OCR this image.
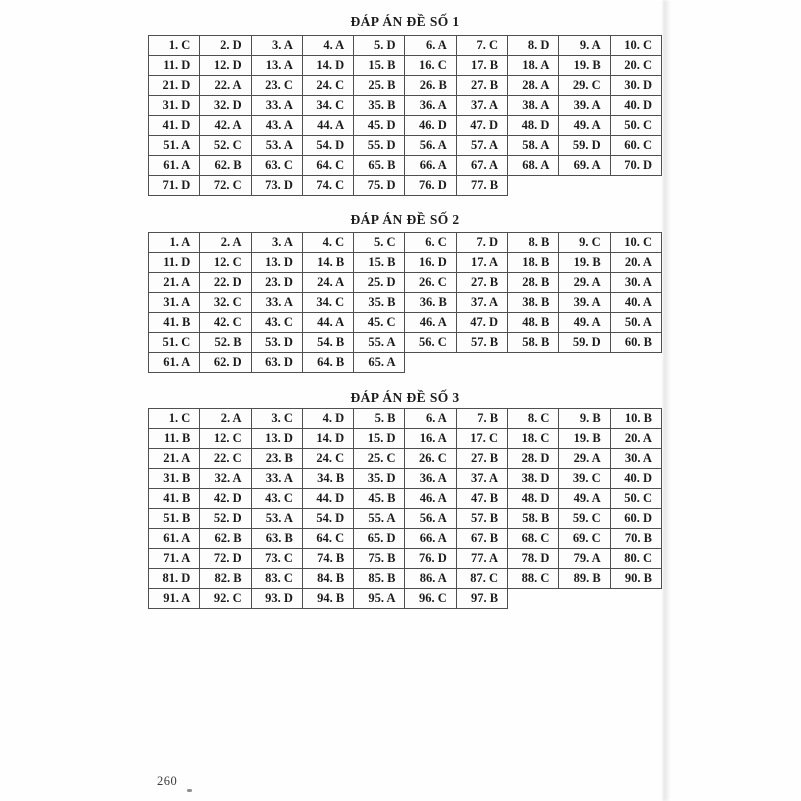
ĐÁP ÁN ĐỀ SỐ 1
1. C	2. D	3. A	4. A	5. D	6. A	7. C	8. D	9. A	10. C
11. D	12. D	13. A	14. D	15. B	16. C	17. B	18. A	19. B	20. C
21. D	22. A	23. C	24. C	25. B	26. B	27. B	28. A	29. C	30. D
31. D	32. D	33. A	34. C	35. B	36. A	37. A	38. A	39. A	40. D
41. D	42. A	43. A	44. A	45. D	46. D	47. D	48. D	49. A	50. C
51. A	52. C	53. A	54. D	55. D	56. A	57. A	58. A	59. D	60. C
61. A	62. B	63. C	64. C	65. B	66. A	67. A	68. A	69. A	70. D
71. D	72. C	73. D	74. C	75. D	76. D	77. B
ĐÁP ÁN ĐỀ SỐ 2
1. A	2. A	3. A	4. C	5. C	6. C	7. D	8. B	9. C	10. C
11. D	12. C	13. D	14. B	15. B	16. D	17. A	18. B	19. B	20. A
21. A	22. D	23. D	24. A	25. D	26. C	27. B	28. B	29. A	30. A
31. A	32. C	33. A	34. C	35. B	36. B	37. A	38. B	39. A	40. A
41. B	42. C	43. C	44. A	45. C	46. A	47. D	48. B	49. A	50. A
51. C	52. B	53. D	54. B	55. A	56. C	57. B	58. B	59. D	60. B
61. A	62. D	63. D	64. B	65. A
ĐÁP ÁN ĐỀ SỐ 3
1. C	2. A	3. C	4. D	5. B	6. A	7. B	8. C	9. B	10. B
11. B	12. C	13. D	14. D	15. D	16. A	17. C	18. C	19. B	20. A
21. A	22. C	23. B	24. C	25. C	26. C	27. B	28. D	29. A	30. A
31. B	32. A	33. A	34. B	35. D	36. A	37. A	38. D	39. C	40. D
41. B	42. D	43. C	44. D	45. B	46. A	47. B	48. D	49. A	50. C
51. B	52. D	53. A	54. D	55. A	56. A	57. B	58. B	59. C	60. D
61. A	62. B	63. B	64. C	65. D	66. A	67. B	68. C	69. C	70. B
71. A	72. D	73. C	74. B	75. B	76. D	77. A	78. D	79. A	80. C
81. D	82. B	83. C	84. B	85. B	86. A	87. C	88. C	89. B	90. B
91. A	92. C	93. D	94. B	95. A	96. C	97. B
260
